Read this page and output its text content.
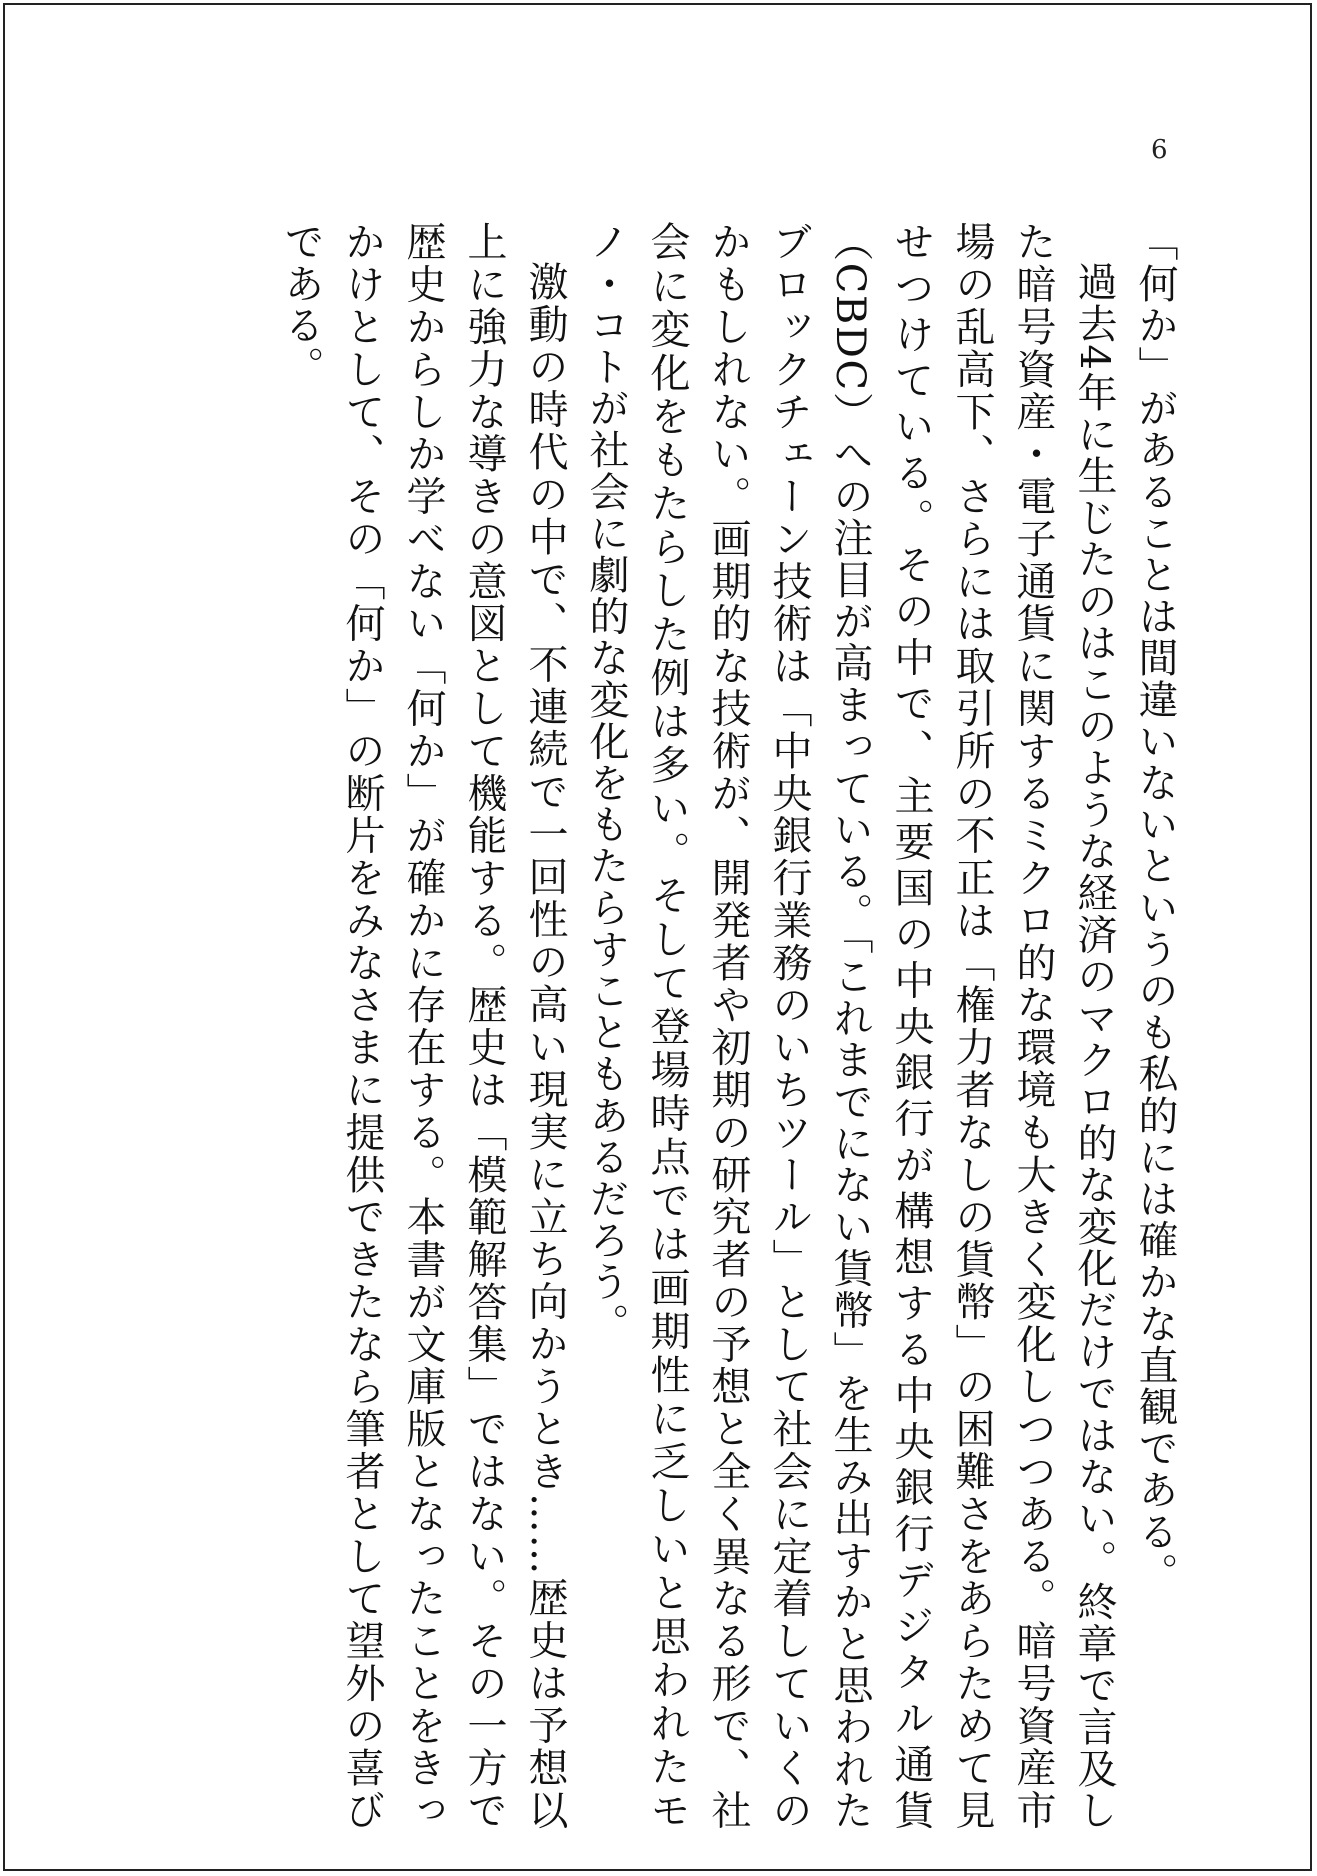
6

「何か」があることは間違いないというのも私的には確かな直観である。

過去4年に生じたのはこのような経済のマクロ的な変化だけではない。終章で言及した暗号資産・電子通貨に関するミクロ的な環境も大きく変化しつつある。暗号資産市場の乱高下、さらには取引所の不正は「権力者なしの貨幣」の困難さをあらためて見せつけている。その中で、主要国の中央銀行が構想する中央銀行デジタル通貨（CBDC）への注目が高まっている。「これまでにない貨幣」を生み出すかと思われたブロックチェーン技術は「中央銀行業務のいちツール」として社会に定着していくのかもしれない。画期的な技術が、開発者や初期の研究者の予想と全く異なる形で、社会に変化をもたらした例は多い。そして登場時点では画期性に乏しいと思われたモノ・コトが社会に劇的な変化をもたらすこともあるだろう。

激動の時代の中で、不連続で一回性の高い現実に立ち向かうとき……歴史は予想以上に強力な導きの意図として機能する。歴史は「模範解答集」ではない。その一方で歴史からしか学べない「何か」が確かに存在する。本書が文庫版となったことをきっかけとして、その「何か」の断片をみなさまに提供できたなら筆者として望外の喜びである。
